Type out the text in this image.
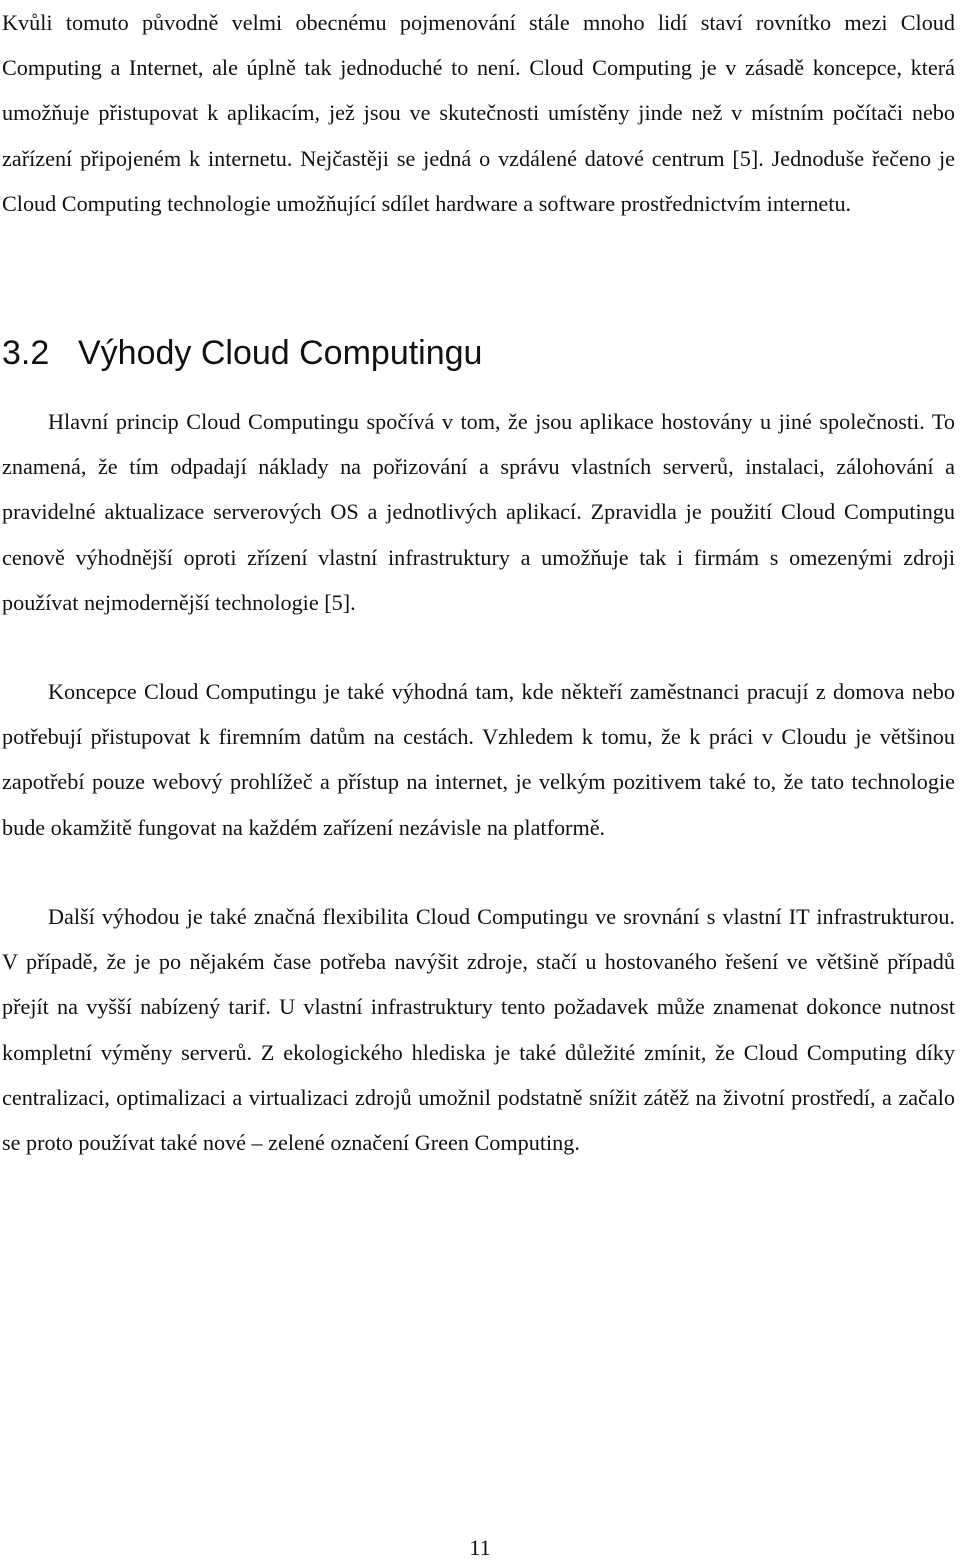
Kvůli tomuto původně velmi obecnému pojmenování stále mnoho lidí staví rovnítko mezi Cloud Computing a Internet, ale úplně tak jednoduché to není. Cloud Computing je v zásadě koncepce, která umožňuje přistupovat k aplikacím, jež jsou ve skutečnosti umístěny jinde než v místním počítači nebo zařízení připojeném k internetu. Nejčastěji se jedná o vzdálené datové centrum [5]. Jednoduše řečeno je Cloud Computing technologie umožňující sdílet hardware a software prostřednictvím internetu.

3.2 Výhody Cloud Computingu

Hlavní princip Cloud Computingu spočívá v tom, že jsou aplikace hostovány u jiné společnosti. To znamená, že tím odpadají náklady na pořizování a správu vlastních serverů, instalaci, zálohování a pravidelné aktualizace serverových OS a jednotlivých aplikací. Zpravidla je použití Cloud Computingu cenově výhodnější oproti zřízení vlastní infrastruktury a umožňuje tak i firmám s omezenými zdroji používat nejmodernější technologie [5].

Koncepce Cloud Computingu je také výhodná tam, kde někteří zaměstnanci pracují z domova nebo potřebují přistupovat k firemním datům na cestách. Vzhledem k tomu, že k práci v Cloudu je většinou zapotřebí pouze webový prohlížeč a přístup na internet, je velkým pozitivem také to, že tato technologie bude okamžitě fungovat na každém zařízení nezávisle na platformě.

Další výhodou je také značná flexibilita Cloud Computingu ve srovnání s vlastní IT infrastrukturou. V případě, že je po nějakém čase potřeba navýšit zdroje, stačí u hostovaného řešení ve většině případů přejít na vyšší nabízený tarif. U vlastní infrastruktury tento požadavek může znamenat dokonce nutnost kompletní výměny serverů. Z ekologického hlediska je také důležité zmínit, že Cloud Computing díky centralizaci, optimalizaci a virtualizaci zdrojů umožnil podstatně snížit zátěž na životní prostředí, a začalo se proto používat také nové – zelené označení Green Computing.

11
